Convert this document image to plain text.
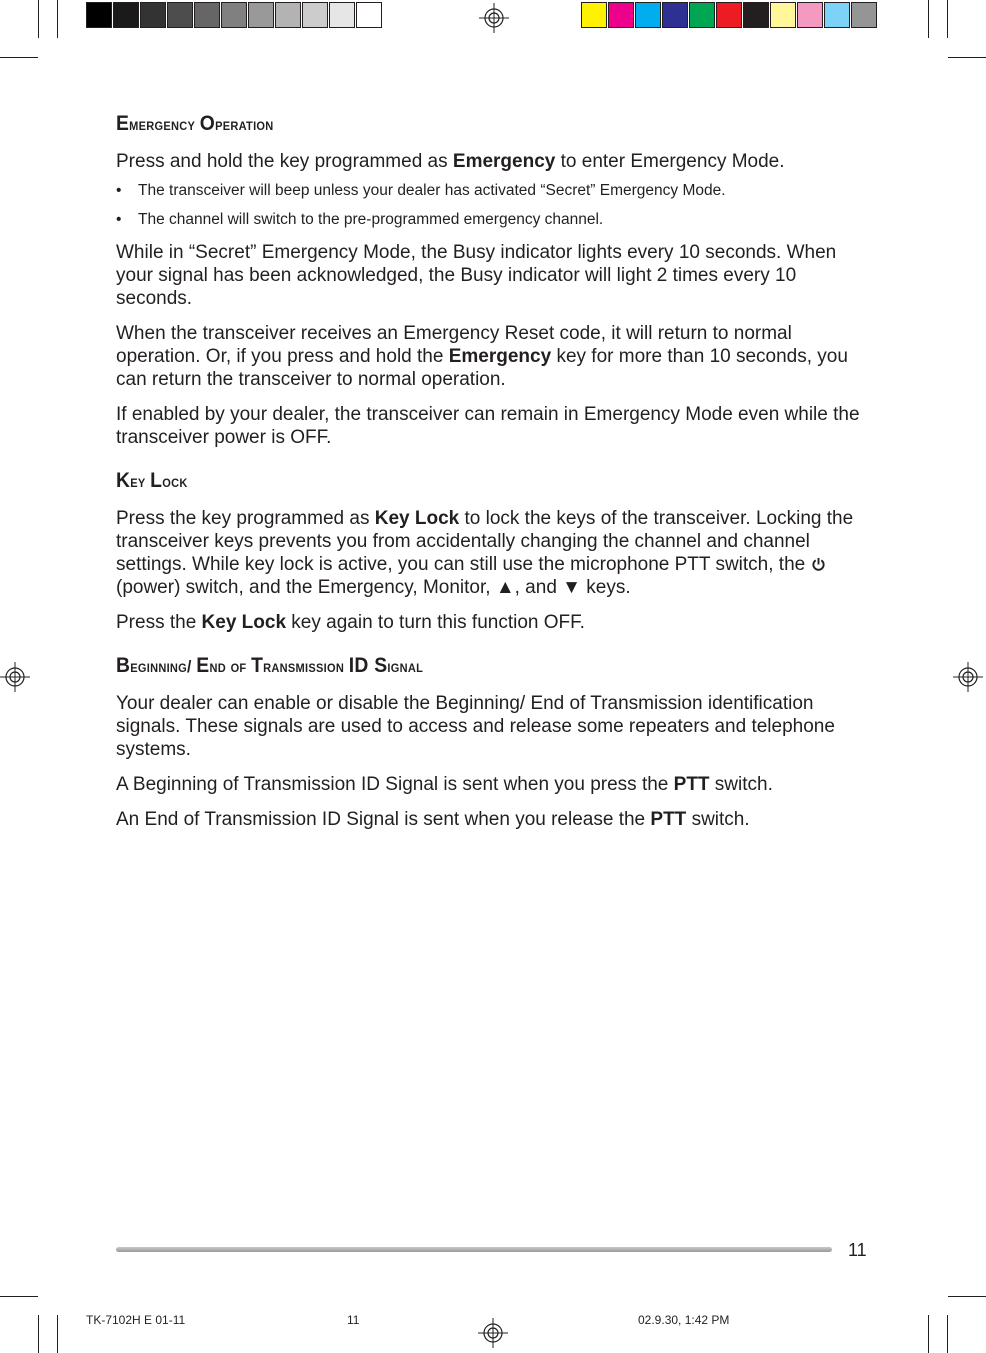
Emergency Operation

Press and hold the key programmed as Emergency to enter Emergency Mode.

• The transceiver will beep unless your dealer has activated “Secret” Emergency Mode.
• The channel will switch to the pre-programmed emergency channel.

While in “Secret” Emergency Mode, the Busy indicator lights every 10 seconds. When your signal has been acknowledged, the Busy indicator will light 2 times every 10 seconds.

When the transceiver receives an Emergency Reset code, it will return to normal operation. Or, if you press and hold the Emergency key for more than 10 seconds, you can return the transceiver to normal operation.

If enabled by your dealer, the transceiver can remain in Emergency Mode even while the transceiver power is OFF.

Key Lock

Press the key programmed as Key Lock to lock the keys of the transceiver. Locking the transceiver keys prevents you from accidentally changing the channel and channel settings. While key lock is active, you can still use the microphone PTT switch, the  (power) switch, and the Emergency, Monitor, ▲, and ▼ keys.

Press the Key Lock key again to turn this function OFF.

Beginning/ End of Transmission ID Signal

Your dealer can enable or disable the Beginning/ End of Transmission identification signals. These signals are used to access and release some repeaters and telephone systems.

A Beginning of Transmission ID Signal is sent when you press the PTT switch.

An End of Transmission ID Signal is sent when you release the PTT switch.

11
TK-7102H E 01-11	11	02.9.30, 1:42 PM
